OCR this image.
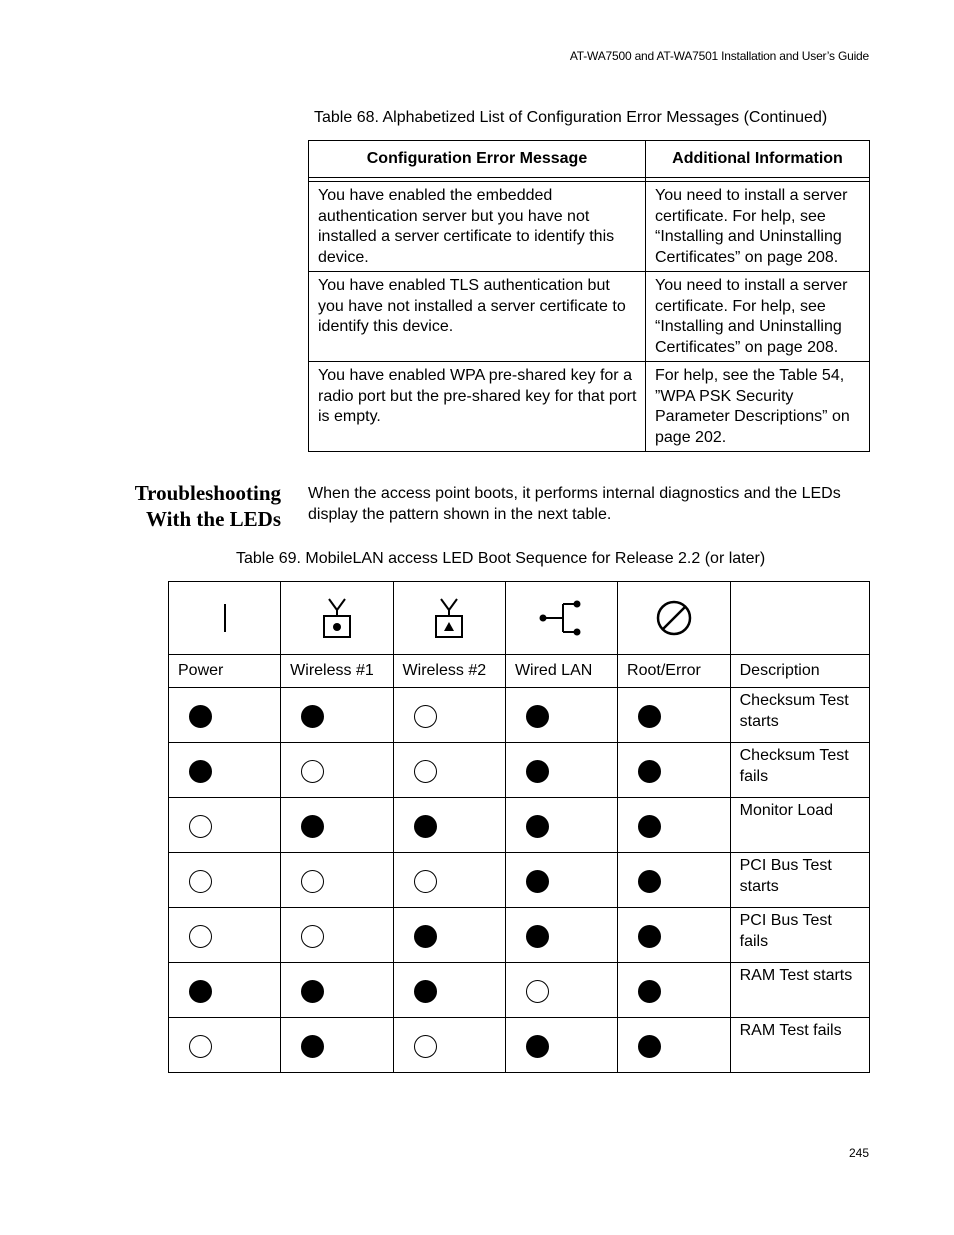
AT-WA7500 and AT-WA7501 Installation and User’s Guide
Table 68. Alphabetized List of Configuration Error Messages (Continued)
Configuration Error Message	Additional Information

You have enabled the embedded authentication server but you have not installed a server certificate to identify this device.	You need to install a server certificate. For help, see “Installing and Uninstalling Certificates” on page 208.

You have enabled TLS authentication but you have not installed a server certificate to identify this device.	You need to install a server certificate. For help, see “Installing and Uninstalling Certificates” on page 208.

You have enabled WPA pre-shared key for a radio port but the pre-shared key for that port is empty.	For help, see the Table 54, ”WPA PSK Security Parameter Descriptions” on page 202.
Troubleshooting
With the LEDs
When the access point boots, it performs internal diagnostics and the LEDs display the pattern shown in the next table.
Table 69. MobileLAN access LED Boot Sequence for Release 2.2 (or later)

Power	Wireless #1	Wireless #2	Wired LAN	Root/Error	Description

					Checksum Test starts

					Checksum Test fails

					Monitor Load

					PCI Bus Test starts

					PCI Bus Test fails

					RAM Test starts

					RAM Test fails
245
